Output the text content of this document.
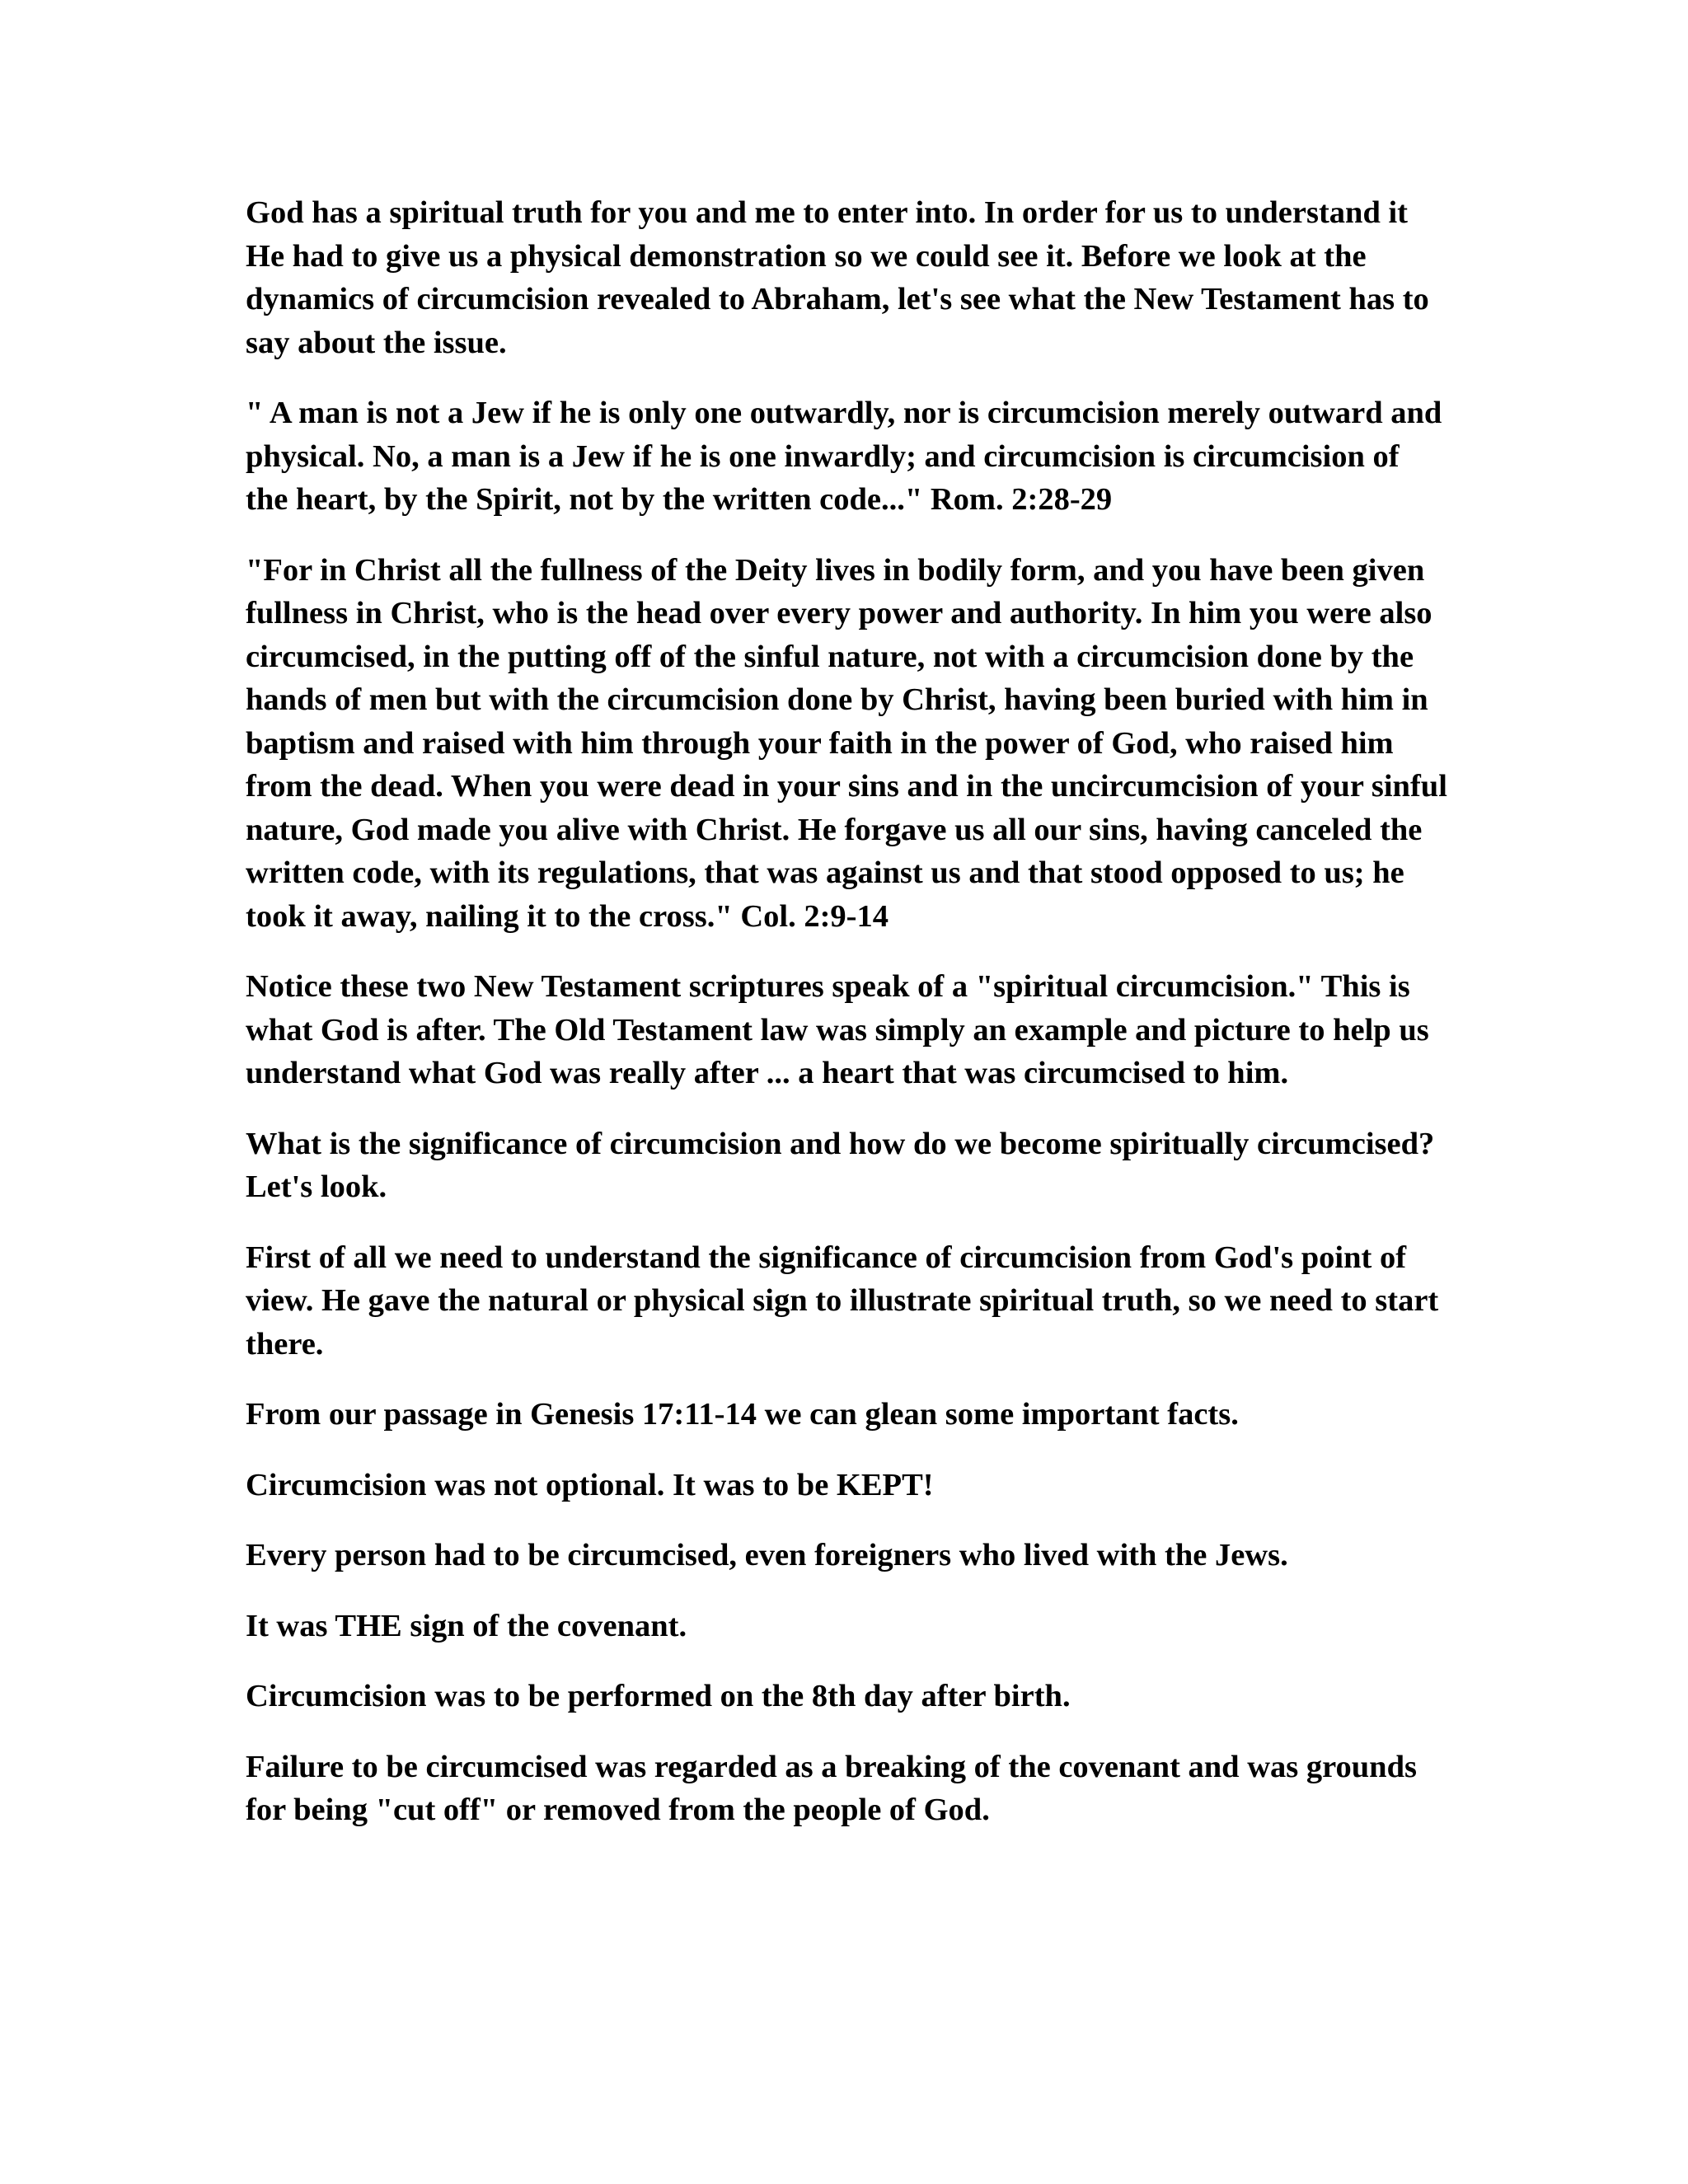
God has a spiritual truth for you and me to enter into. In order for us to understand it He had to give us a physical demonstration so we could see it. Before we look at the dynamics of circumcision revealed to Abraham, let's see what the New Testament has to say about the issue.

" A man is not a Jew if he is only one outwardly, nor is circumcision merely outward and physical. No, a man is a Jew if he is one inwardly; and circumcision is circumcision of the heart, by the Spirit, not by the written code..." Rom. 2:28-29

"For in Christ all the fullness of the Deity lives in bodily form, and you have been given fullness in Christ, who is the head over every power and authority. In him you were also circumcised, in the putting off of the sinful nature, not with a circumcision done by the hands of men but with the circumcision done by Christ, having been buried with him in baptism and raised with him through your faith in the power of God, who raised him from the dead. When you were dead in your sins and in the uncircumcision of your sinful nature, God made you alive with Christ. He forgave us all our sins, having canceled the written code, with its regulations, that was against us and that stood opposed to us; he took it away, nailing it to the cross." Col. 2:9-14

Notice these two New Testament scriptures speak of a "spiritual circumcision." This is what God is after. The Old Testament law was simply an example and picture to help us understand what God was really after ... a heart that was circumcised to him.

What is the significance of circumcision and how do we become spiritually circumcised? Let's look.

First of all we need to understand the significance of circumcision from God's point of view. He gave the natural or physical sign to illustrate spiritual truth, so we need to start there.

From our passage in Genesis 17:11-14 we can glean some important facts.

Circumcision was not optional. It was to be KEPT!

Every person had to be circumcised, even foreigners who lived with the Jews.

It was THE sign of the covenant.

Circumcision was to be performed on the 8th day after birth.

Failure to be circumcised was regarded as a breaking of the covenant and was grounds for being "cut off" or removed from the people of God.
